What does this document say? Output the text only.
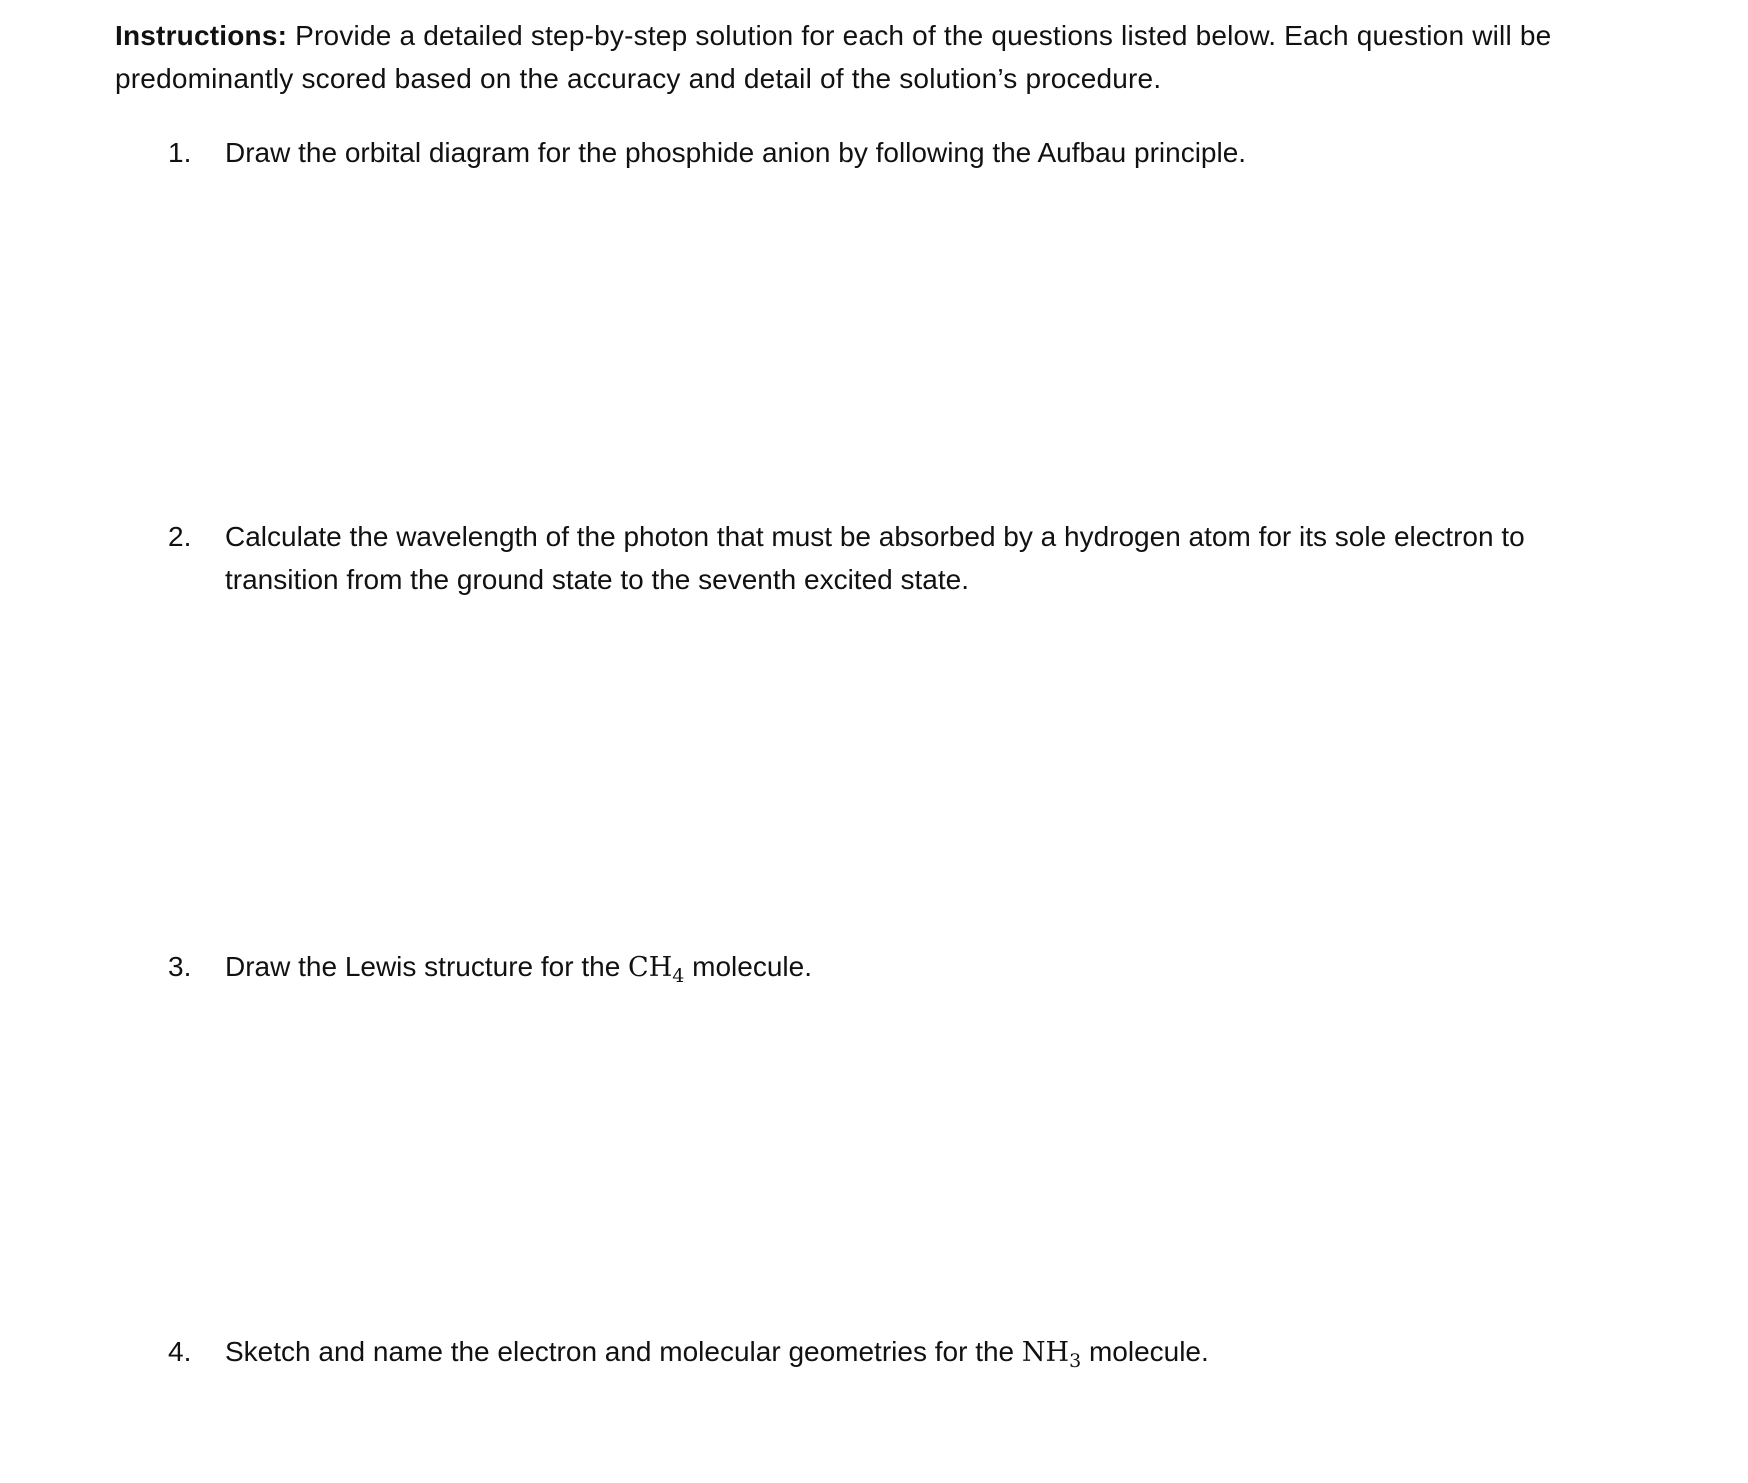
Instructions: Provide a detailed step-by-step solution for each of the questions listed below. Each question will be predominantly scored based on the accuracy and detail of the solution’s procedure.
1.	Draw the orbital diagram for the phosphide anion by following the Aufbau principle.
2.	Calculate the wavelength of the photon that must be absorbed by a hydrogen atom for its sole electron to transition from the ground state to the seventh excited state.
3.	Draw the Lewis structure for the $CH_4$ molecule.
4.	Sketch and name the electron and molecular geometries for the $NH_3$ molecule.
